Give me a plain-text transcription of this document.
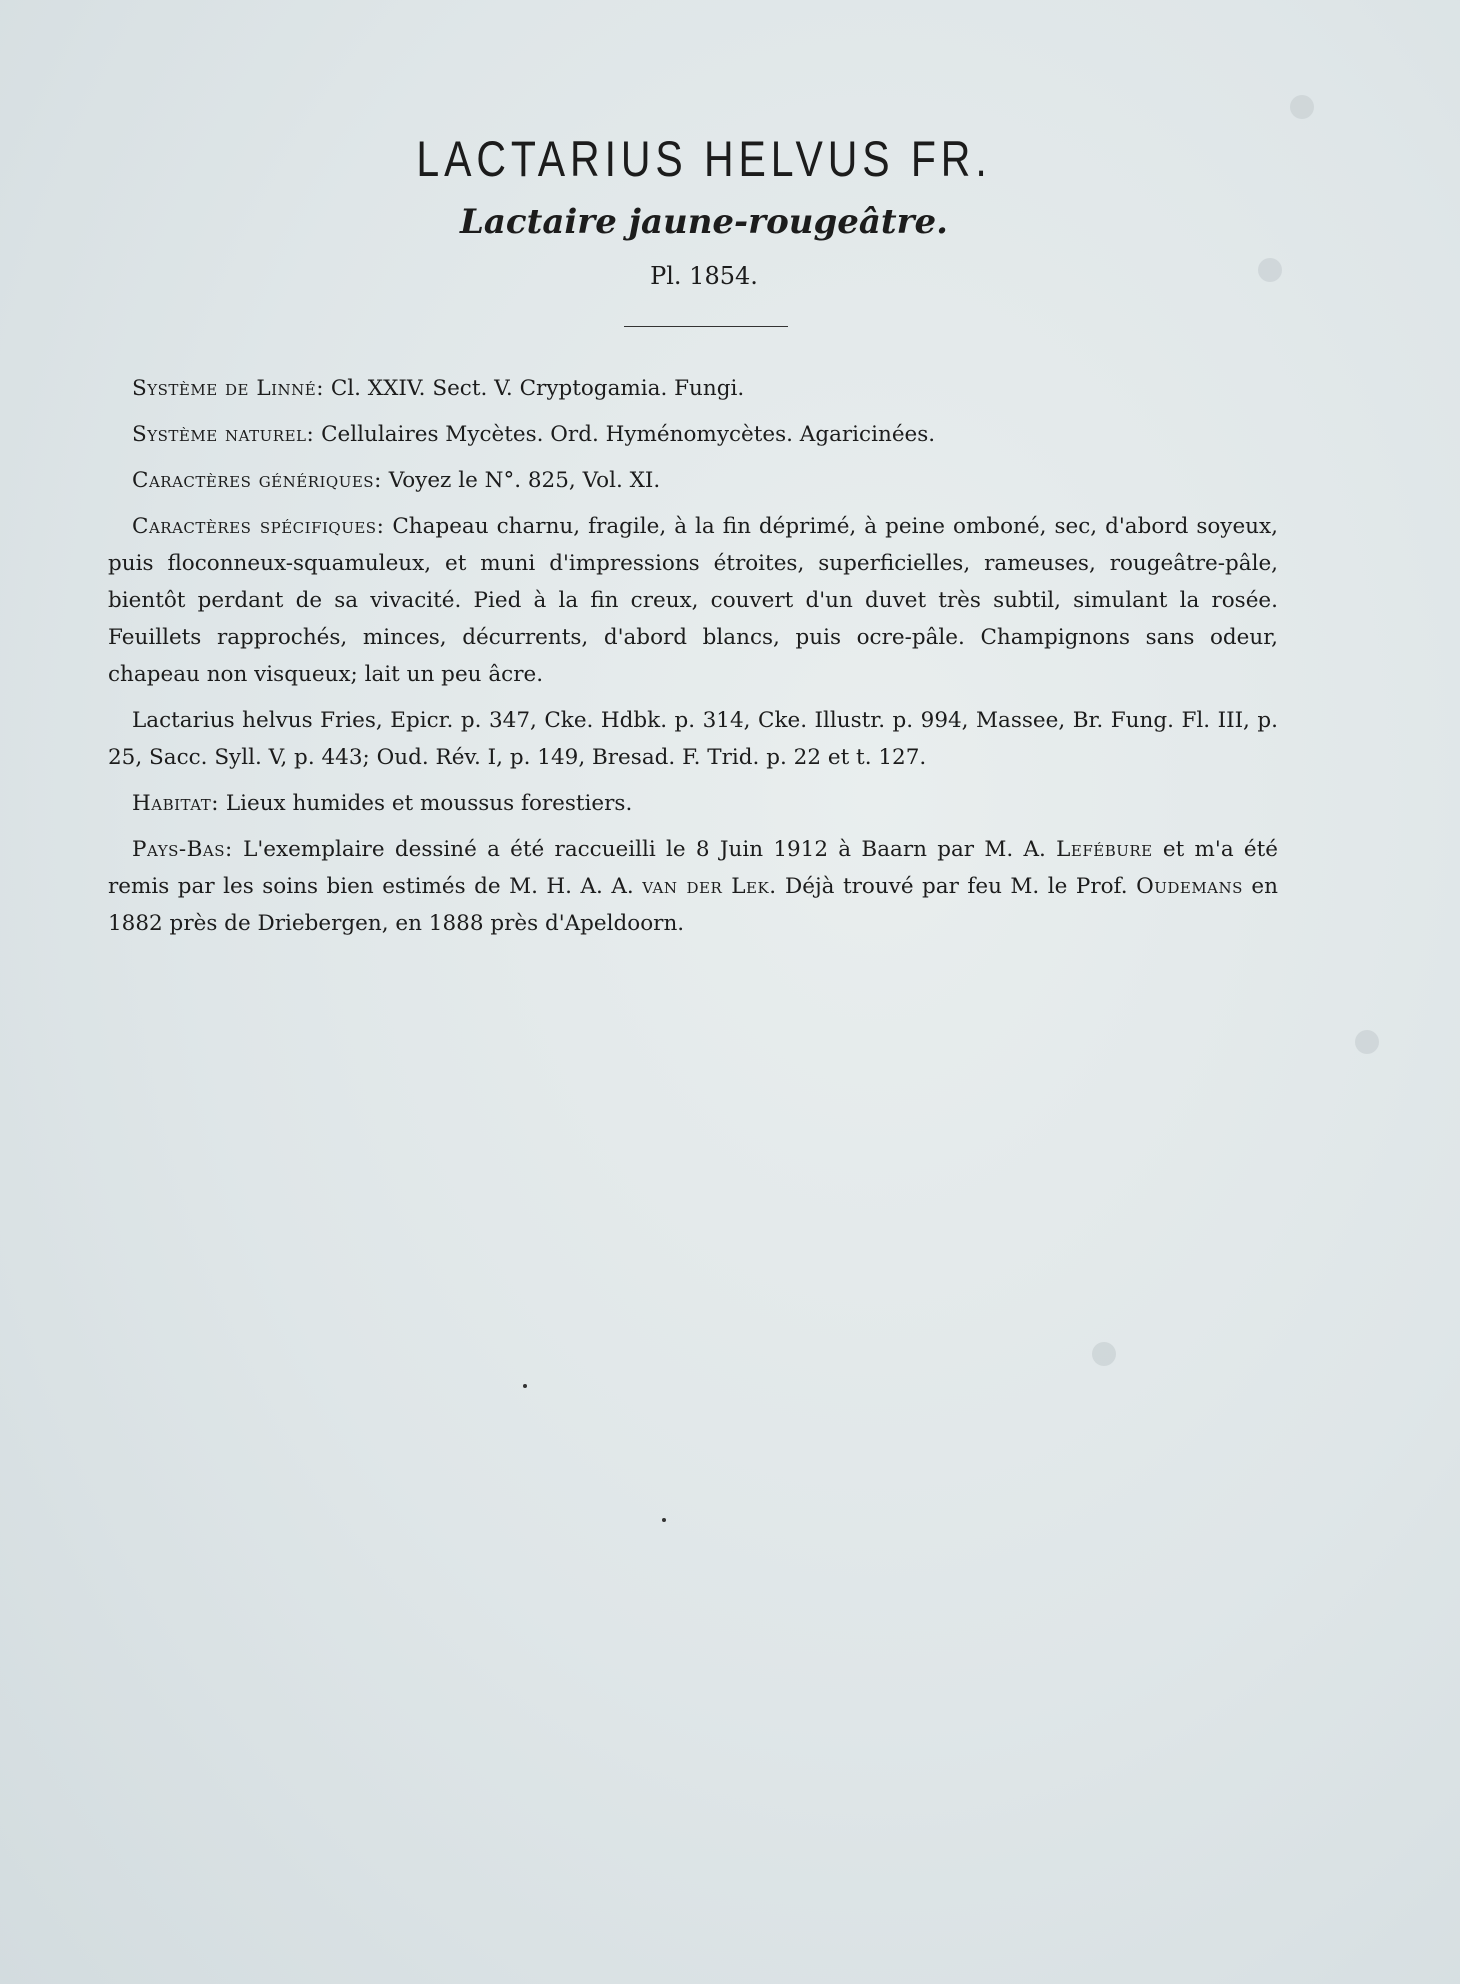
LACTARIUS HELVUS FR.
Lactaire jaune-rougeâtre.
Pl. 1854.

Système de Linné: Cl. XXIV. Sect. V. Cryptogamia. Fungi.

Système naturel: Cellulaires Mycètes. Ord. Hyménomycètes. Agaricinées.

Caractères génériques: Voyez le N°. 825, Vol. XI.

Caractères spécifiques: Chapeau charnu, fragile, à la fin déprimé, à peine omboné, sec, d'abord soyeux, puis floconneux-squamuleux, et muni d'impressions étroites, superficielles, rameuses, rougeâtre-pâle, bientôt perdant de sa vivacité. Pied à la fin creux, couvert d'un duvet très subtil, simulant la rosée. Feuillets rapprochés, minces, décurrents, d'abord blancs, puis ocre-pâle. Champignons sans odeur, chapeau non visqueux; lait un peu âcre.

Lactarius helvus Fries, Epicr. p. 347, Cke. Hdbk. p. 314, Cke. Illustr. p. 994, Massee, Br. Fung. Fl. III, p. 25, Sacc. Syll. V, p. 443; Oud. Rév. I, p. 149, Bresad. F. Trid. p. 22 et t. 127.

Habitat: Lieux humides et moussus forestiers.

Pays-Bas: L'exemplaire dessiné a été raccueilli le 8 Juin 1912 à Baarn par M. A. Lefébure et m'a été remis par les soins bien estimés de M. H. A. A. van der Lek. Déjà trouvé par feu M. le Prof. Oudemans en 1882 près de Driebergen, en 1888 près d'Apeldoorn.
